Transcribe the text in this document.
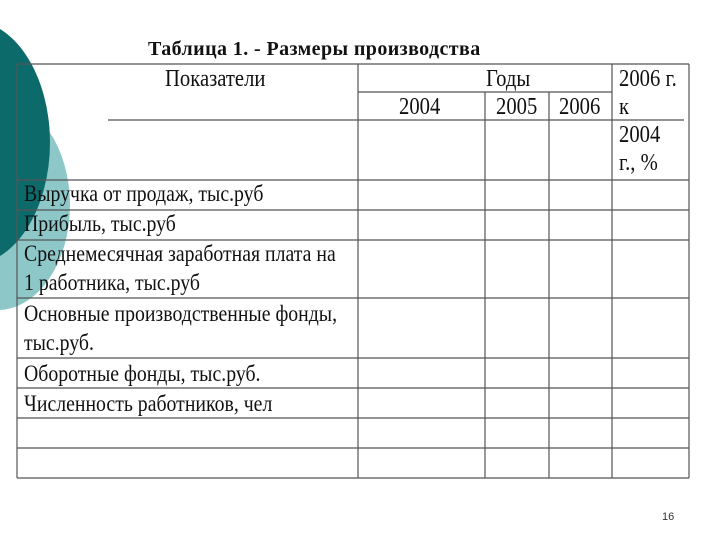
Таблица 1. - Размеры производства
Показатели	Годы
2004 2005 2006
2006 г.
к
2004
г., %
Выручка от продаж, тыс.руб
Прибыль, тыс.руб
Среднемесячная заработная плата на
1 работника, тыс.руб
Основные производственные фонды,
тыс.руб.
Оборотные фонды, тыс.руб.
Численность работников, чел
16
